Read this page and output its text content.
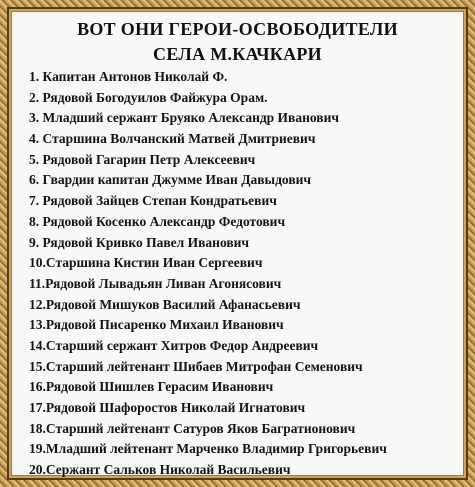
ВОТ ОНИ ГЕРОИ-ОСВОБОДИТЕЛИ
СЕЛА М.КАЧКАРИ
1. Капитан Антонов Николай Ф.
2. Рядовой Богодуилов Файжура Орам.
3. Младший сержант Бруяко Александр Иванович
4. Старшина Волчанский Матвей Дмитриевич
5. Рядовой Гагарин Петр Алексеевич
6. Гвардии капитан Джумме Иван Давыдович
7. Рядовой Зайцев Степан Кондратьевич
8. Рядовой Косенко Александр Федотович
9. Рядовой Кривко Павел Иванович
10.Старшина Кистин Иван Сергеевич
11.Рядовой Лывадьян Ливан Агонясович
12.Рядовой Мишуков Василий Афанасьевич
13.Рядовой Писаренко Михаил Иванович
14.Старший сержант Хитров Федор Андреевич
15.Старший лейтенант Шибаев Митрофан Семенович
16.Рядовой Шишлев Герасим Иванович
17.Рядовой Шафоростов Николай Игнатович
18.Старший лейтенант Сатуров Яков Багратионович
19.Младший лейтенант Марченко Владимир Григорьевич
20.Сержант Сальков Николай Васильевич
